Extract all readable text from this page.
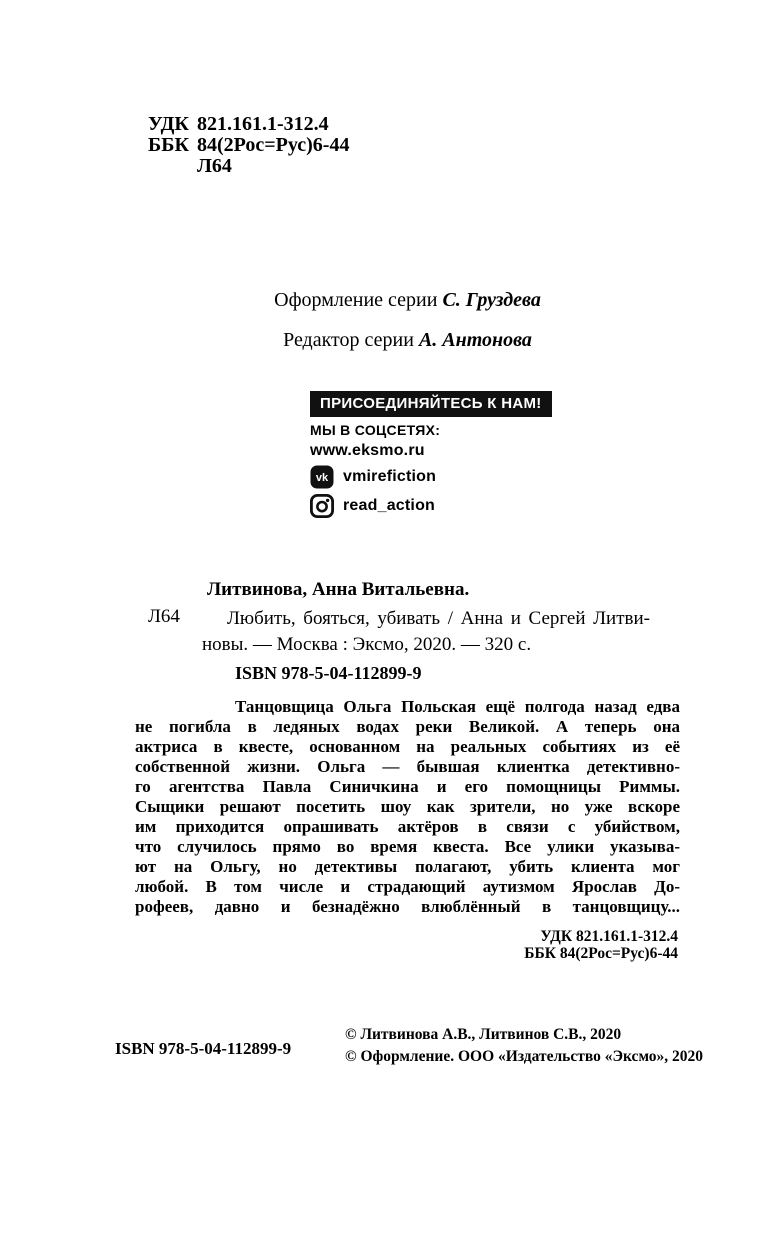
УДК 821.161.1-312.4
ББК 84(2Рос=Рус)6-44
Л64
Оформление серии С. Груздева
Редактор серии А. Антонова
ПРИСОЕДИНЯЙТЕСЬ К НАМ!
МЫ В СОЦСЕТЯХ:
www.eksmo.ru
vk vmirefiction
read_action
Литвинова, Анна Витальевна.
Л64	Любить, бояться, убивать / Анна и Сергей Литви-
новы. — Москва : Эксмо, 2020. — 320 с.
ISBN 978-5-04-112899-9
Танцовщица Ольга Польская ещё полгода назад едва
не погибла в ледяных водах реки Великой. А теперь она
актриса в квесте, основанном на реальных событиях из её
собственной жизни. Ольга — бывшая клиентка детективно-
го агентства Павла Синичкина и его помощницы Риммы.
Сыщики решают посетить шоу как зрители, но уже вскоре
им приходится опрашивать актёров в связи с убийством,
что случилось прямо во время квеста. Все улики указыва-
ют на Ольгу, но детективы полагают, убить клиента мог
любой. В том числе и страдающий аутизмом Ярослав До-
рофеев, давно и безнадёжно влюблённый в танцовщицу...
УДК 821.161.1-312.4
ББК 84(2Рос=Рус)6-44
ISBN 978-5-04-112899-9
© Литвинова А.В., Литвинов С.В., 2020
© Оформление. ООО «Издательство «Эксмо», 2020
